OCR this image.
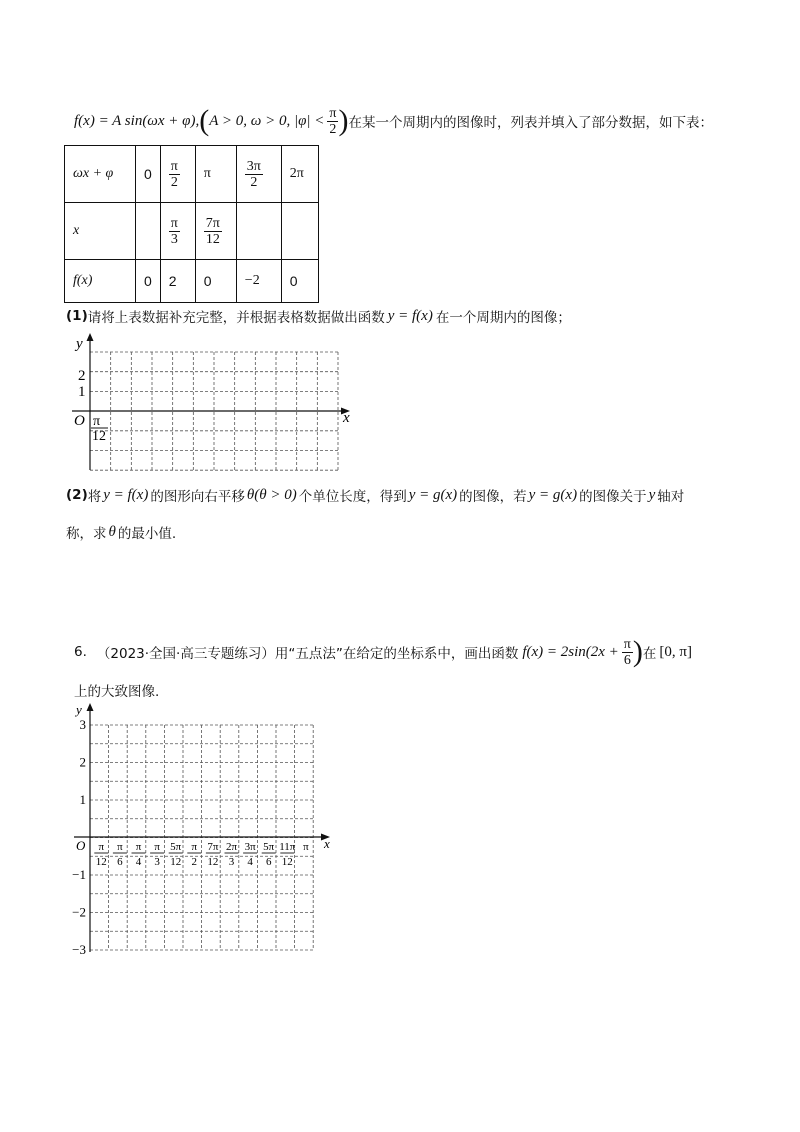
f(x) = A sin(ωx + φ), ( A > 0, ω > 0, $|\varphi| < \frac{\pi}{2}$ ) 在某一个周期内的图像时，列表并填入了部分数据，如下表：
ωx + φ	0	$\frac{\pi}{2}$	π	$\frac{3\pi}{2}$	2π
x		$\frac{\pi}{3}$	$\frac{7\pi}{12}$

f(x)	0	2	0	−2	0
(1) 请将上表数据补充完整，并根据表格数据做出函数 y = f(x) 在一个周期内的图像；
y
x
O
2
1
π
12
(2) 将 y = f(x) 的图形向右平移 θ(θ > 0) 个单位长度，得到 y = g(x) 的图像，若 y = g(x) 的图像关于 y 轴对
称，求 θ 的最小值.
6. （2023·全国·高三专题练习）用“五点法”在给定的坐标系中，画出函数 $f(x) = 2\sin(2x + \frac{\pi}{6}$ ) 在 [0, π]
上的大致图像.
y
x
O
3
2
1
−1
−2
−3
π
12
π
6
π
4
π
3
5π
12
π
2
7π
12
2π
3
3π
4
5π
6
11π
12
π
